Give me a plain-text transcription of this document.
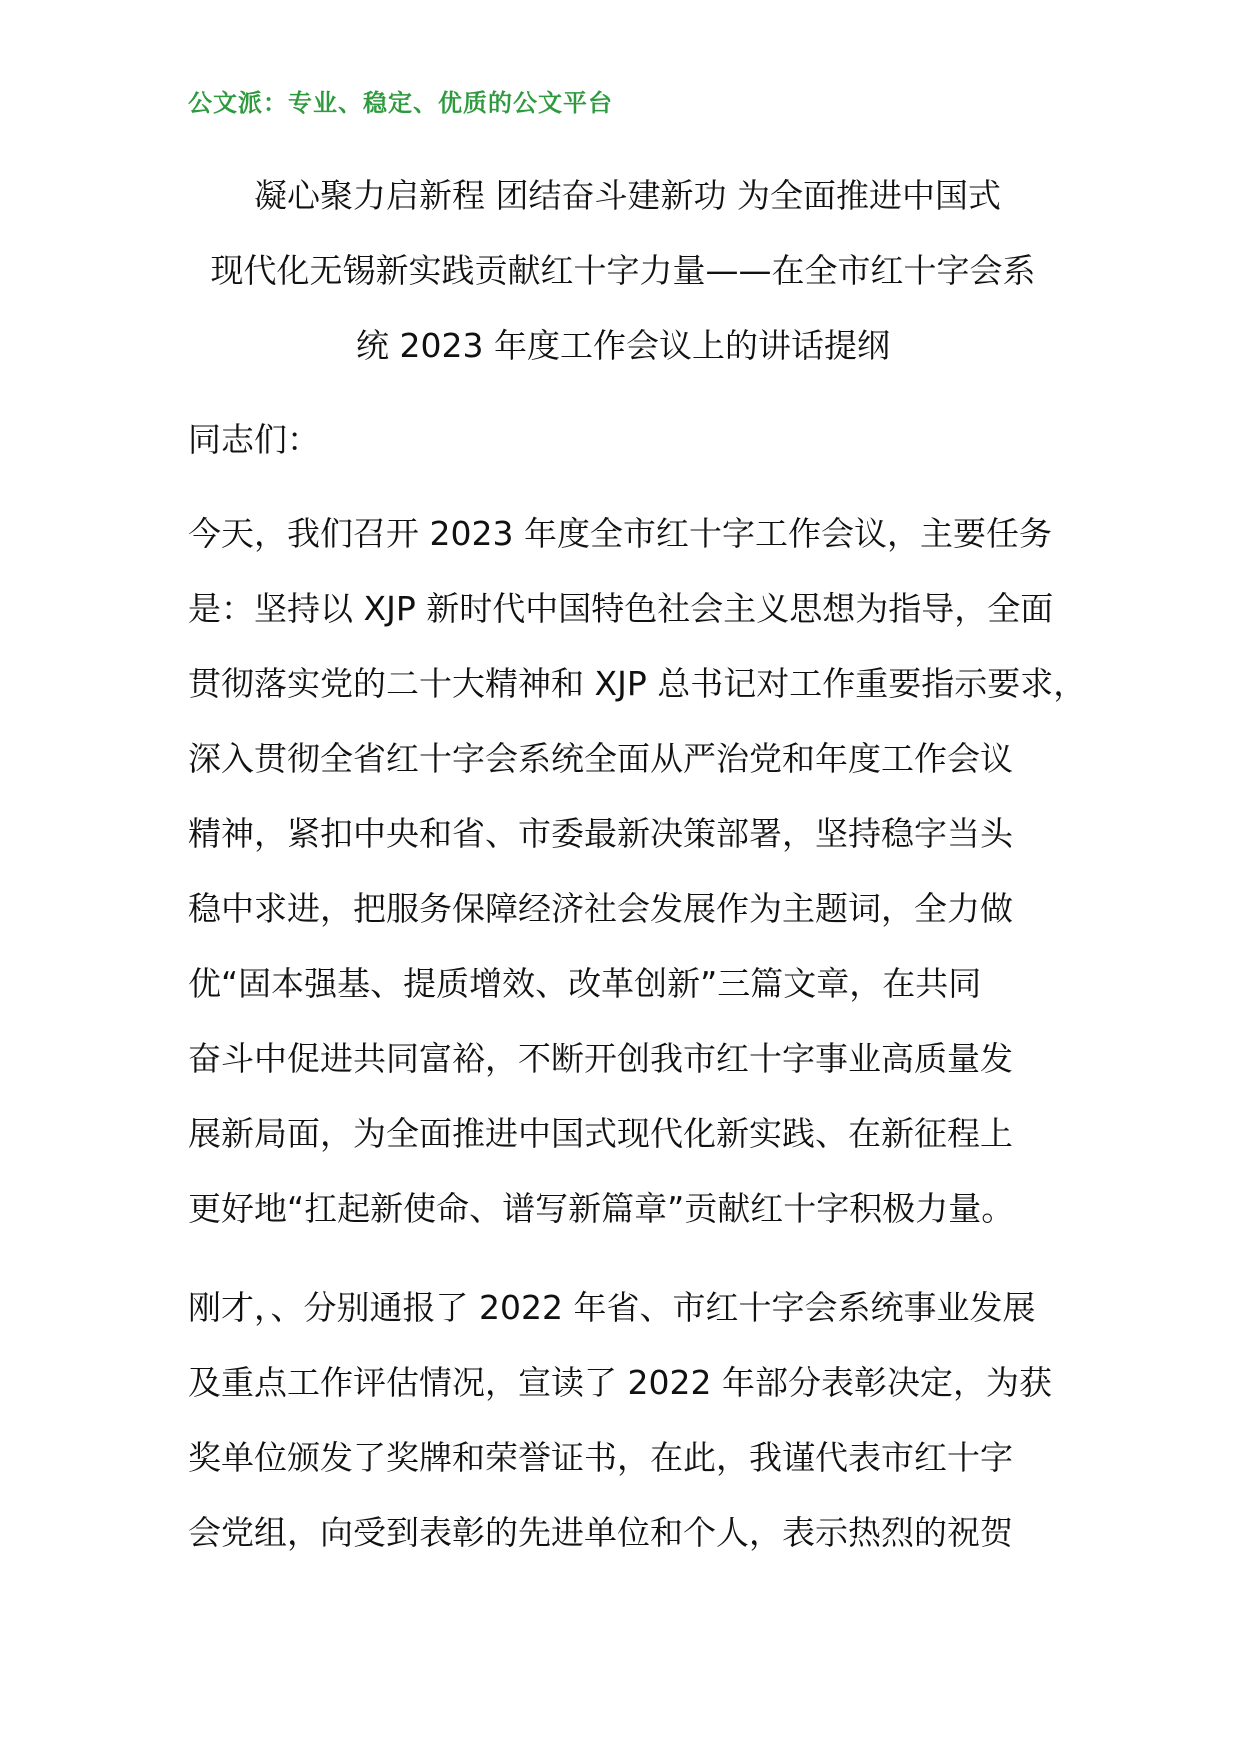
公文派：专业、稳定、优质的公文平台
凝心聚力启新程 团结奋斗建新功 为全面推进中国式
现代化无锡新实践贡献红十字力量——在全市红十字会系
统 2023 年度工作会议上的讲话提纲
同志们：
今天，我们召开 2023 年度全市红十字工作会议，主要任务
是：坚持以 XJP 新时代中国特色社会主义思想为指导，全面
贯彻落实党的二十大精神和 XJP 总书记对工作重要指示要求，
深入贯彻全省红十字会系统全面从严治党和年度工作会议
精神，紧扣中央和省、市委最新决策部署，坚持稳字当头
稳中求进，把服务保障经济社会发展作为主题词，全力做
优“固本强基、提质增效、改革创新”三篇文章，在共同
奋斗中促进共同富裕，不断开创我市红十字事业高质量发
展新局面，为全面推进中国式现代化新实践、在新征程上
更好地“扛起新使命、谱写新篇章”贡献红十字积极力量。
刚才，、分别通报了 2022 年省、市红十字会系统事业发展
及重点工作评估情况，宣读了 2022 年部分表彰决定，为获
奖单位颁发了奖牌和荣誉证书，在此，我谨代表市红十字
会党组，向受到表彰的先进单位和个人，表示热烈的祝贺
